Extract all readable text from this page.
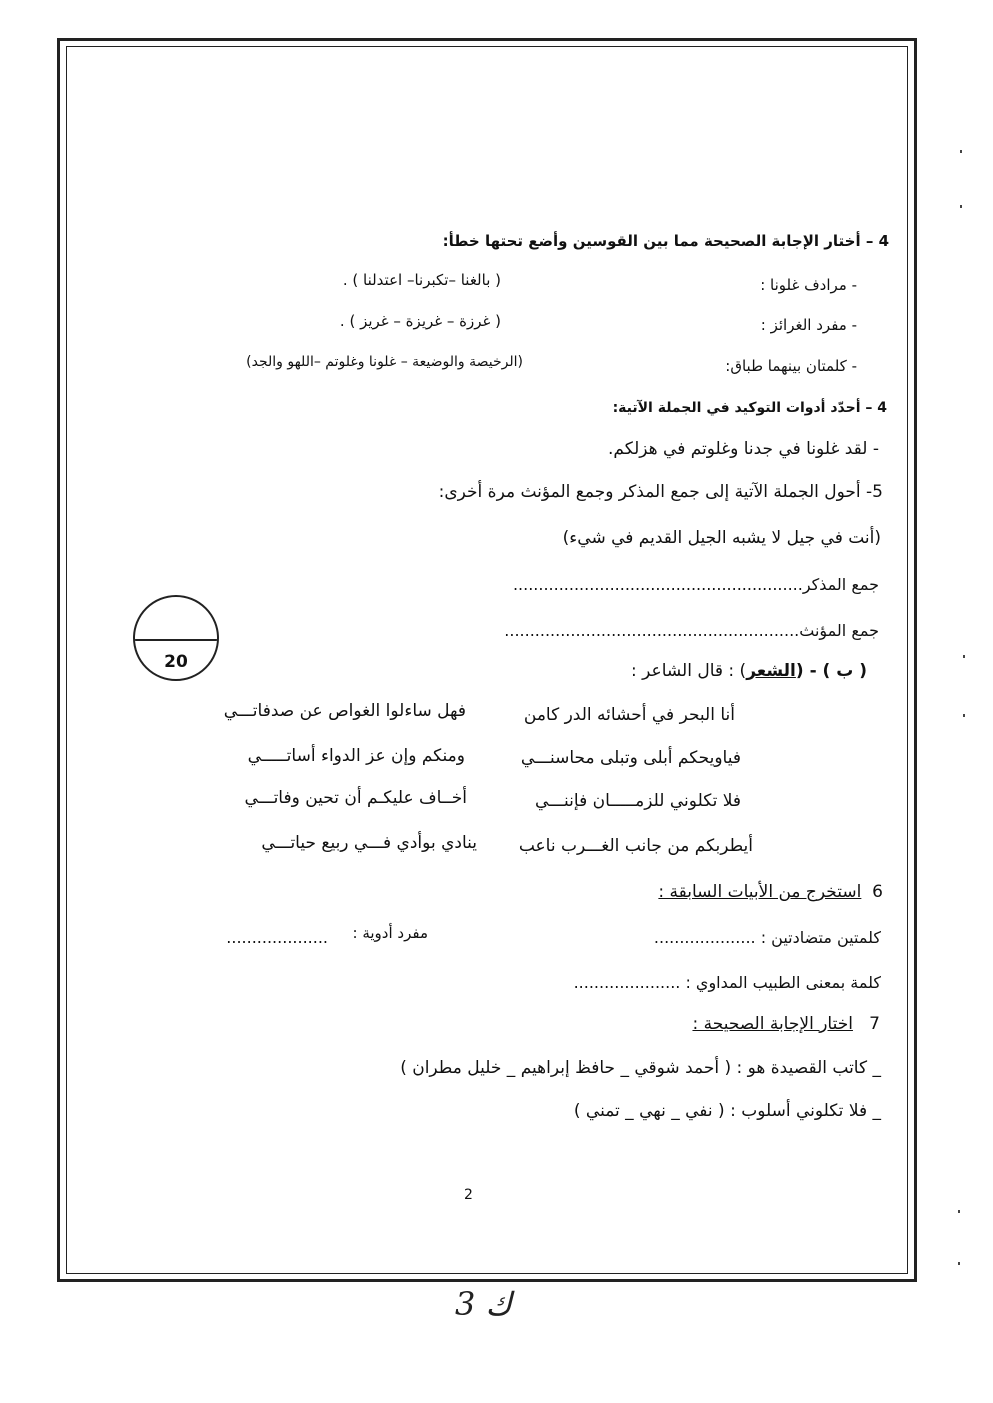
4 – أختار الإجابة الصحيحة مما بين القوسين وأضع تحتها خطأ:
- مرادف غلونا :
( بالغنا –تكبرنا– اعتدلنا ) .
- مفرد الغرائز :
( غرزة – غريزة – غريز ) .
- كلمتان بينهما طباق:
(الرخيصة والوضيعة – غلونا وغلوتم –اللهو والجد)
4 – أحدّد أدوات التوكيد في الجملة الآتية:
- لقد غلونا في جدنا وغلوتم في هزلكم.
5- أحول الجملة الآتية إلى جمع المذكر وجمع المؤنث مرة أخرى:
(أنت في جيل لا يشبه الجيل القديم في شيء)
جمع المذكر.........................................................
جمع المؤنث..........................................................
20	( ب ) - (الشعر) : قال الشاعر :
أنا البحر في أحشائه الدر كامن
فهل ساءلوا الغواص عن صدفاتـــي
فياويحكم أبلى وتبلى محاسنـــي
ومنكم وإن عز الدواء أساتـــــي
فلا تكلوني للزمـــــان فإننـــي
أخــاف عليكـم أن تحين وفاتـــي
أيطربكم من جانب الغـــرب ناعب
ينادي بوأدي فـــي ربيع حياتـــي
6  استخرج من الأبيات السابقة :
كلمتين متضادتين : ....................
مفرد أدوية :
....................
كلمة بمعنى الطبيب المداوي : .....................
7   اختار الإجابة الصحيحة :
_ كاتب القصيدة هو : ( أحمد شوقي _ حافظ إبراهيم _ خليل مطران )
_ فلا تكلوني أسلوب : ( نفي _ نهي _ تمني )
2
3 ﻙ
